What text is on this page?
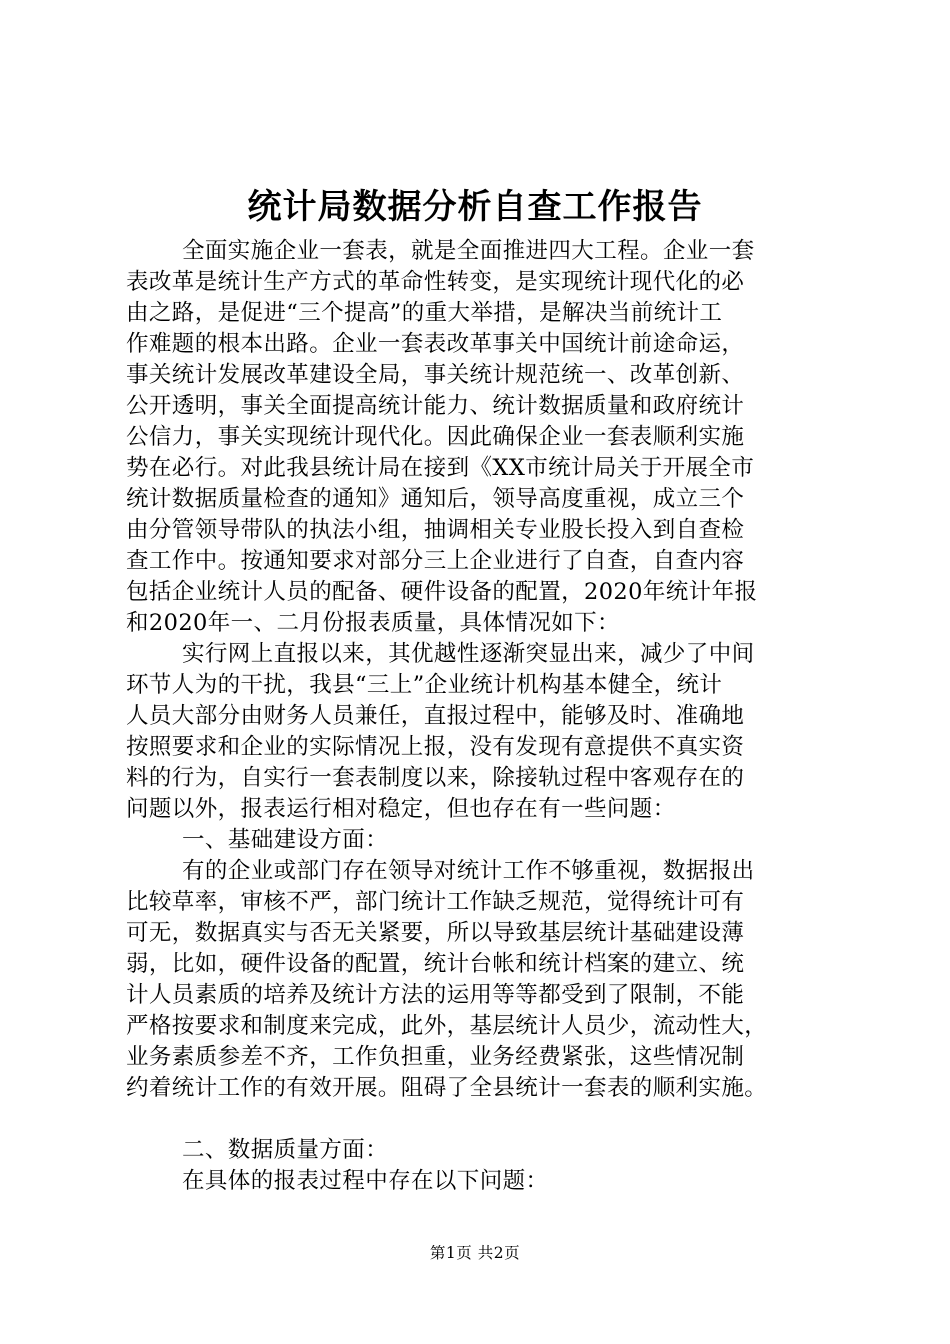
统计局数据分析自查工作报告
全面实施企业一套表，就是全面推进四大工程。企业一套
表改革是统计生产方式的革命性转变，是实现统计现代化的必
由之路，是促进“三个提高”的重大举措，是解决当前统计工
作难题的根本出路。企业一套表改革事关中国统计前途命运，
事关统计发展改革建设全局，事关统计规范统一、改革创新、
公开透明，事关全面提高统计能力、统计数据质量和政府统计
公信力，事关实现统计现代化。因此确保企业一套表顺利实施
势在必行。对此我县统计局在接到《XX市统计局关于开展全市
统计数据质量检查的通知》通知后，领导高度重视，成立三个
由分管领导带队的执法小组，抽调相关专业股长投入到自查检
查工作中。按通知要求对部分三上企业进行了自查，自查内容
包括企业统计人员的配备、硬件设备的配置，2020年统计年报
和2020年一、二月份报表质量，具体情况如下：
实行网上直报以来，其优越性逐渐突显出来，减少了中间
环节人为的干扰，我县“三上”企业统计机构基本健全，统计
人员大部分由财务人员兼任，直报过程中，能够及时、准确地
按照要求和企业的实际情况上报，没有发现有意提供不真实资
料的行为，自实行一套表制度以来，除接轨过程中客观存在的
问题以外，报表运行相对稳定，但也存在有一些问题：
一、基础建设方面：
有的企业或部门存在领导对统计工作不够重视，数据报出
比较草率，审核不严，部门统计工作缺乏规范，觉得统计可有
可无，数据真实与否无关紧要，所以导致基层统计基础建设薄
弱，比如，硬件设备的配置，统计台帐和统计档案的建立、统
计人员素质的培养及统计方法的运用等等都受到了限制，不能
严格按要求和制度来完成，此外，基层统计人员少，流动性大，
业务素质参差不齐，工作负担重，业务经费紧张，这些情况制
约着统计工作的有效开展。阻碍了全县统计一套表的顺利实施。
二、数据质量方面：
在具体的报表过程中存在以下问题：
第1页 共2页
